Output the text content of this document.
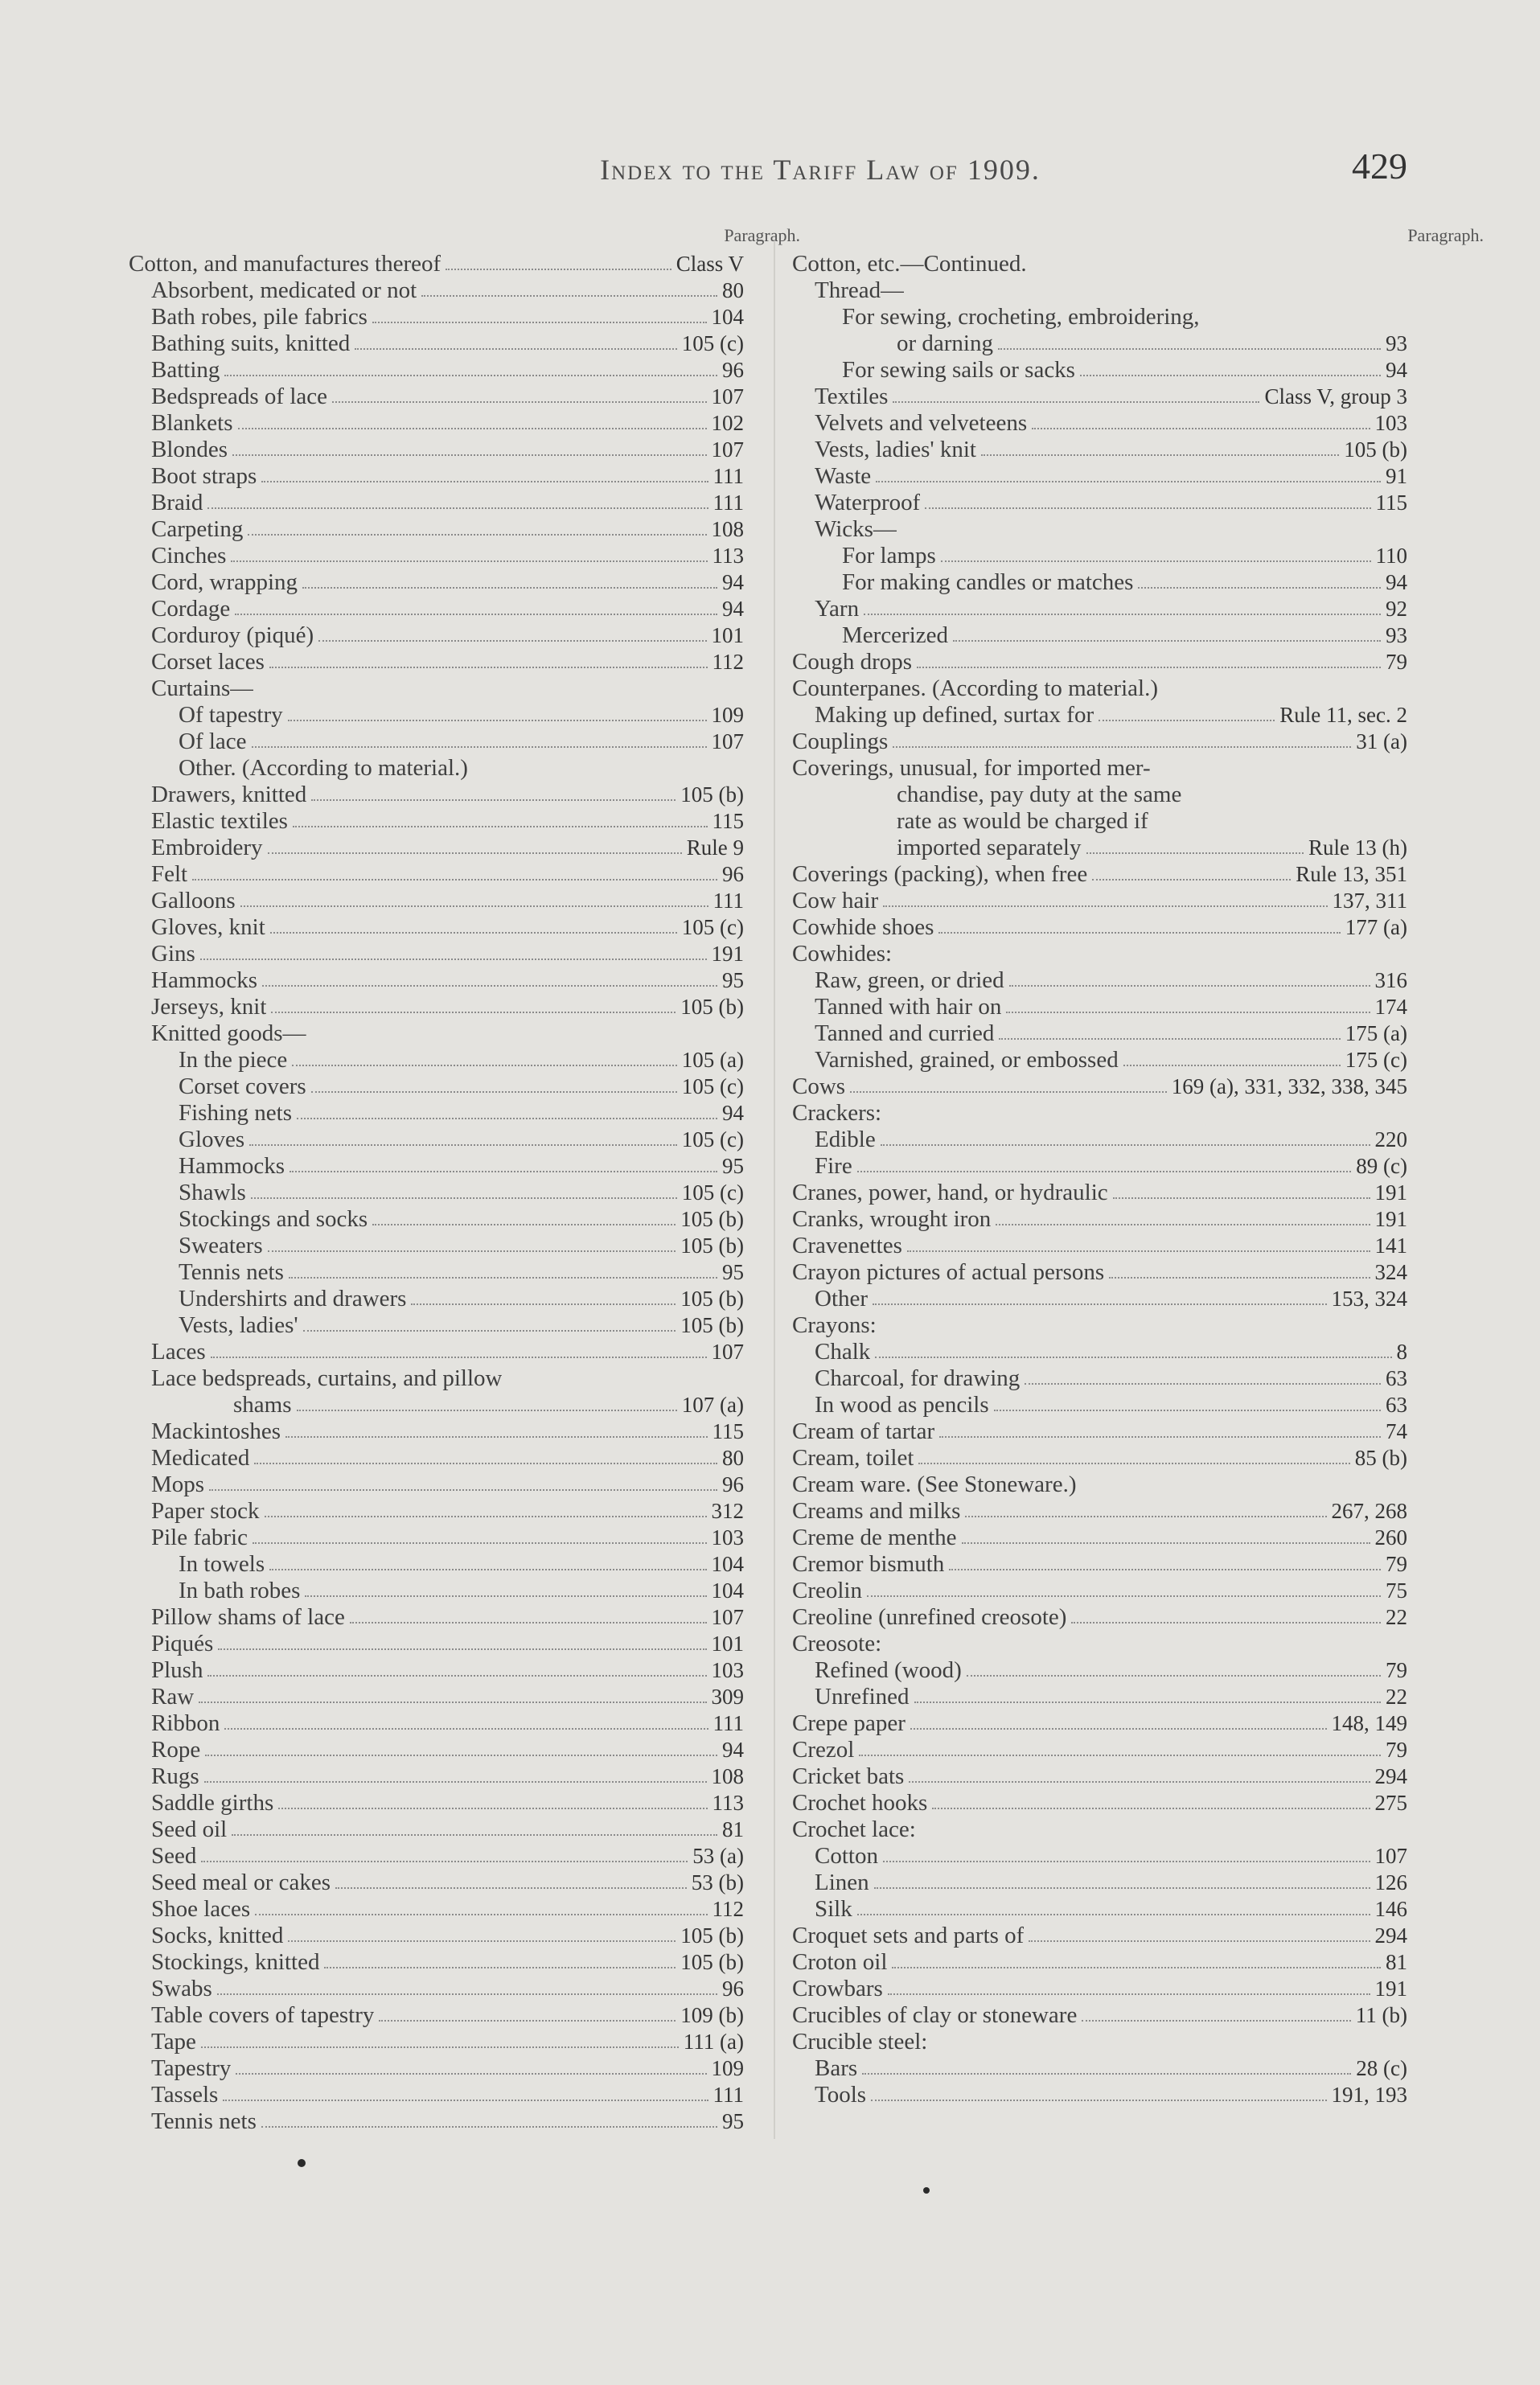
Index to the Tariff Law of 1909.	429
Paragraph.
Cotton, and manufactures thereof	Class V
Absorbent, medicated or not	80
Bath robes, pile fabrics	104
Bathing suits, knitted	105 (c)
Batting	96
Bedspreads of lace	107
Blankets	102
Blondes	107
Boot straps	111
Braid	111
Carpeting	108
Cinches	113
Cord, wrapping	94
Cordage	94
Corduroy (piqué)	101
Corset laces	112
Curtains—
Of tapestry	109
Of lace	107
Other. (According to material.)
Drawers, knitted	105 (b)
Elastic textiles	115
Embroidery	Rule 9
Felt	96
Galloons	111
Gloves, knit	105 (c)
Gins	191
Hammocks	95
Jerseys, knit	105 (b)
Knitted goods—
In the piece	105 (a)
Corset covers	105 (c)
Fishing nets	94
Gloves	105 (c)
Hammocks	95
Shawls	105 (c)
Stockings and socks	105 (b)
Sweaters	105 (b)
Tennis nets	95
Undershirts and drawers	105 (b)
Vests, ladies'	105 (b)
Laces	107
Lace bedspreads, curtains, and pillow
shams	107 (a)
Mackintoshes	115
Medicated	80
Mops	96
Paper stock	312
Pile fabric	103
In towels	104
In bath robes	104
Pillow shams of lace	107
Piqués	101
Plush	103
Raw	309
Ribbon	111
Rope	94
Rugs	108
Saddle girths	113
Seed oil	81
Seed	53 (a)
Seed meal or cakes	53 (b)
Shoe laces	112
Socks, knitted	105 (b)
Stockings, knitted	105 (b)
Swabs	96
Table covers of tapestry	109 (b)
Tape	111 (a)
Tapestry	109
Tassels	111
Tennis nets	95
Paragraph.
Cotton, etc.—Continued.
Thread—
For sewing, crocheting, embroidering,
or darning	93
For sewing sails or sacks	94
Textiles	Class V, group 3
Velvets and velveteens	103
Vests, ladies' knit	105 (b)
Waste	91
Waterproof	115
Wicks—
For lamps	110
For making candles or matches	94
Yarn	92
Mercerized	93
Cough drops	79
Counterpanes. (According to material.)
Making up defined, surtax for	Rule 11, sec. 2
Couplings	31 (a)
Coverings, unusual, for imported mer-
chandise, pay duty at the same
rate as would be charged if
imported separately	Rule 13 (h)
Coverings (packing), when free	Rule 13, 351
Cow hair	137, 311
Cowhide shoes	177 (a)
Cowhides:
Raw, green, or dried	316
Tanned with hair on	174
Tanned and curried	175 (a)
Varnished, grained, or embossed	175 (c)
Cows	169 (a), 331, 332, 338, 345
Crackers:
Edible	220
Fire	89 (c)
Cranes, power, hand, or hydraulic	191
Cranks, wrought iron	191
Cravenettes	141
Crayon pictures of actual persons	324
Other	153, 324
Crayons:
Chalk	8
Charcoal, for drawing	63
In wood as pencils	63
Cream of tartar	74
Cream, toilet	85 (b)
Cream ware. (See Stoneware.)
Creams and milks	267, 268
Creme de menthe	260
Cremor bismuth	79
Creolin	75
Creoline (unrefined creosote)	22
Creosote:
Refined (wood)	79
Unrefined	22
Crepe paper	148, 149
Crezol	79
Cricket bats	294
Crochet hooks	275
Crochet lace:
Cotton	107
Linen	126
Silk	146
Croquet sets and parts of	294
Croton oil	81
Crowbars	191
Crucibles of clay or stoneware	11 (b)
Crucible steel:
Bars	28 (c)
Tools	191, 193
